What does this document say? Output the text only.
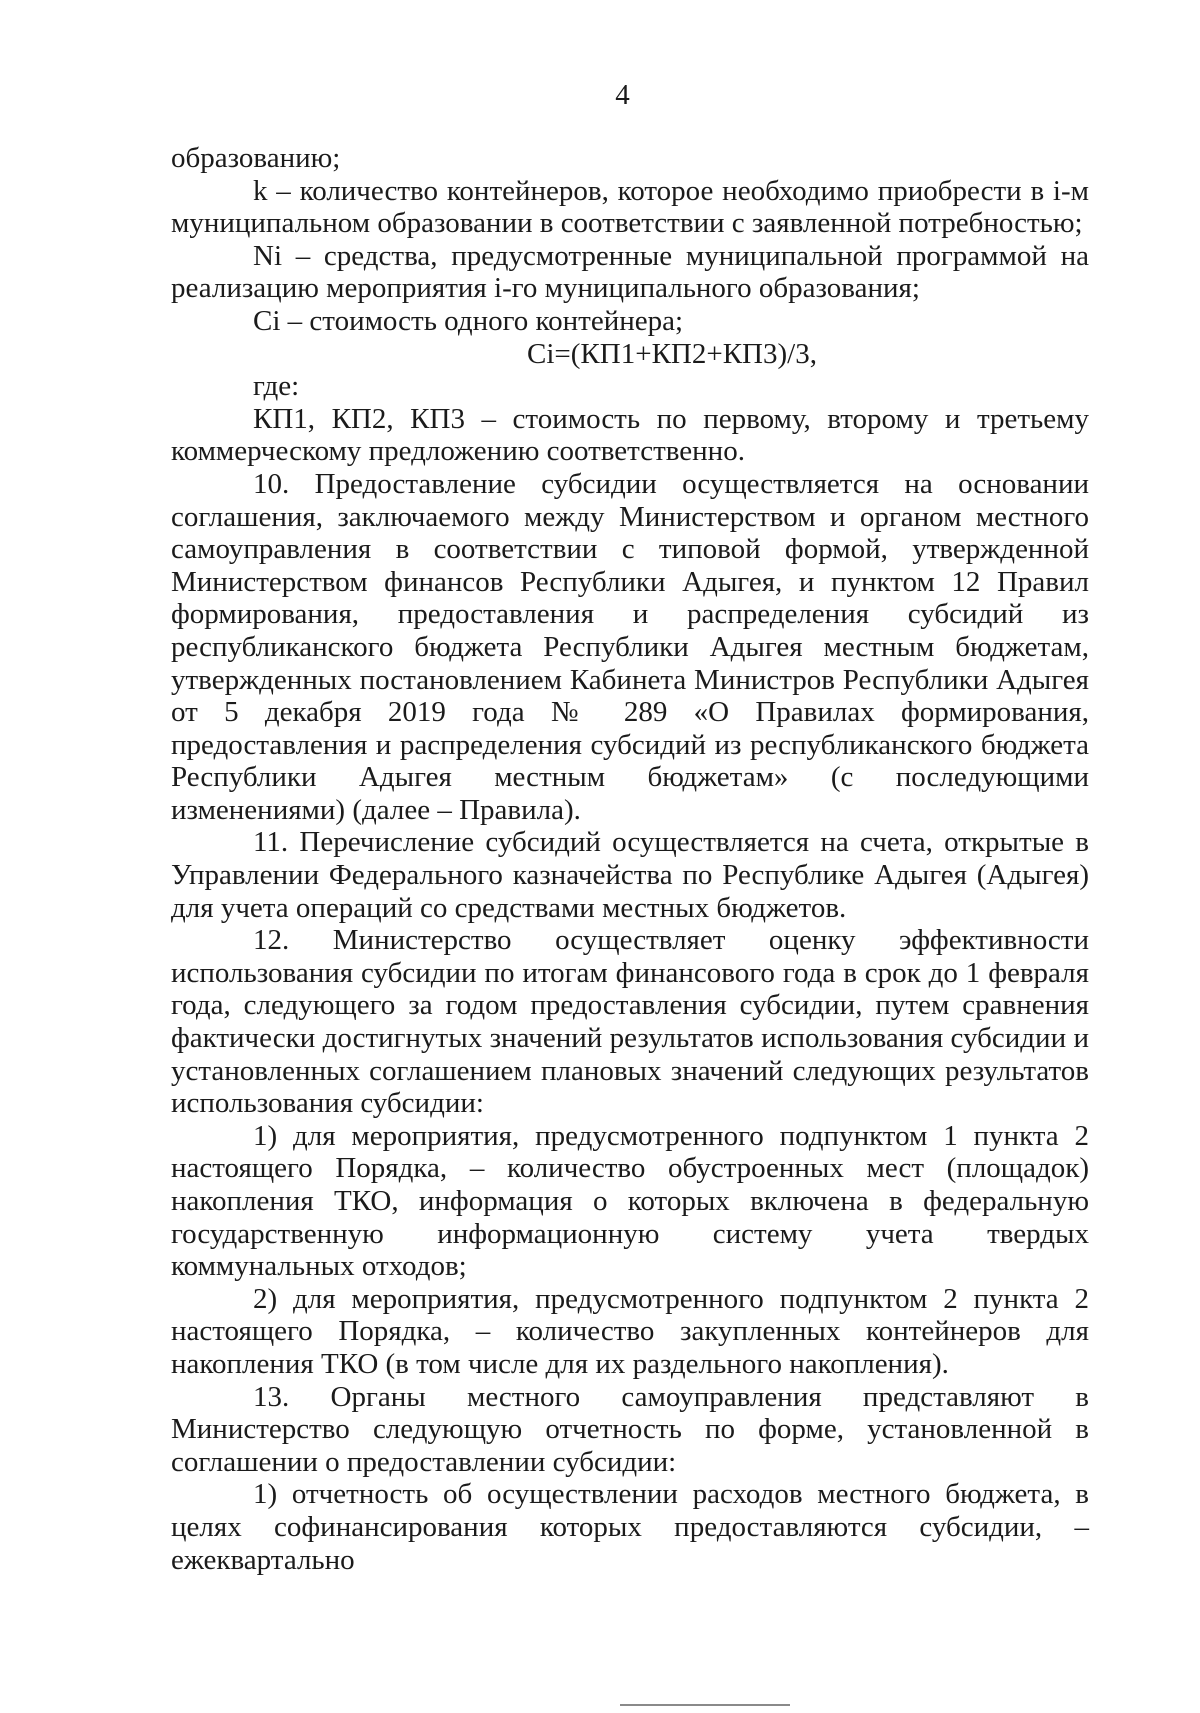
4

образованию;

k – количество контейнеров, которое необходимо приобрести в i-м муниципальном образовании в соответствии с заявленной потребностью;

Ni – средства, предусмотренные муниципальной программой на реализацию мероприятия i-го муниципального образования;

Ci – стоимость одного контейнера;

Ci=(КП1+КП2+КП3)/3,

где:

КП1, КП2, КП3 – стоимость по первому, второму и третьему коммерческому предложению соответственно.

10. Предоставление субсидии осуществляется на основании соглашения, заключаемого между Министерством и органом местного самоуправления в соответствии с типовой формой, утвержденной Министерством финансов Республики Адыгея, и пунктом 12 Правил формирования, предоставления и распределения субсидий из республиканского бюджета Республики Адыгея местным бюджетам, утвержденных постановлением Кабинета Министров Республики Адыгея от 5 декабря 2019 года № 289 «О Правилах формирования, предоставления и распределения субсидий из республиканского бюджета Республики Адыгея местным бюджетам» (с последующими изменениями) (далее – Правила).

11. Перечисление субсидий осуществляется на счета, открытые в Управлении Федерального казначейства по Республике Адыгея (Адыгея) для учета операций со средствами местных бюджетов.

12. Министерство осуществляет оценку эффективности использования субсидии по итогам финансового года в срок до 1 февраля года, следующего за годом предоставления субсидии, путем сравнения фактически достигнутых значений результатов использования субсидии и установленных соглашением плановых значений следующих результатов использования субсидии:

1) для мероприятия, предусмотренного подпунктом 1 пункта 2 настоящего Порядка, – количество обустроенных мест (площадок) накопления ТКО, информация о которых включена в федеральную государственную информационную систему учета твердых коммунальных отходов;

2) для мероприятия, предусмотренного подпунктом 2 пункта 2 настоящего Порядка, – количество закупленных контейнеров для накопления ТКО (в том числе для их раздельного накопления).

13. Органы местного самоуправления представляют в Министерство следующую отчетность по форме, установленной в соглашении о предоставлении субсидии:

1) отчетность об осуществлении расходов местного бюджета, в целях софинансирования которых предоставляются субсидии, – ежеквартально
